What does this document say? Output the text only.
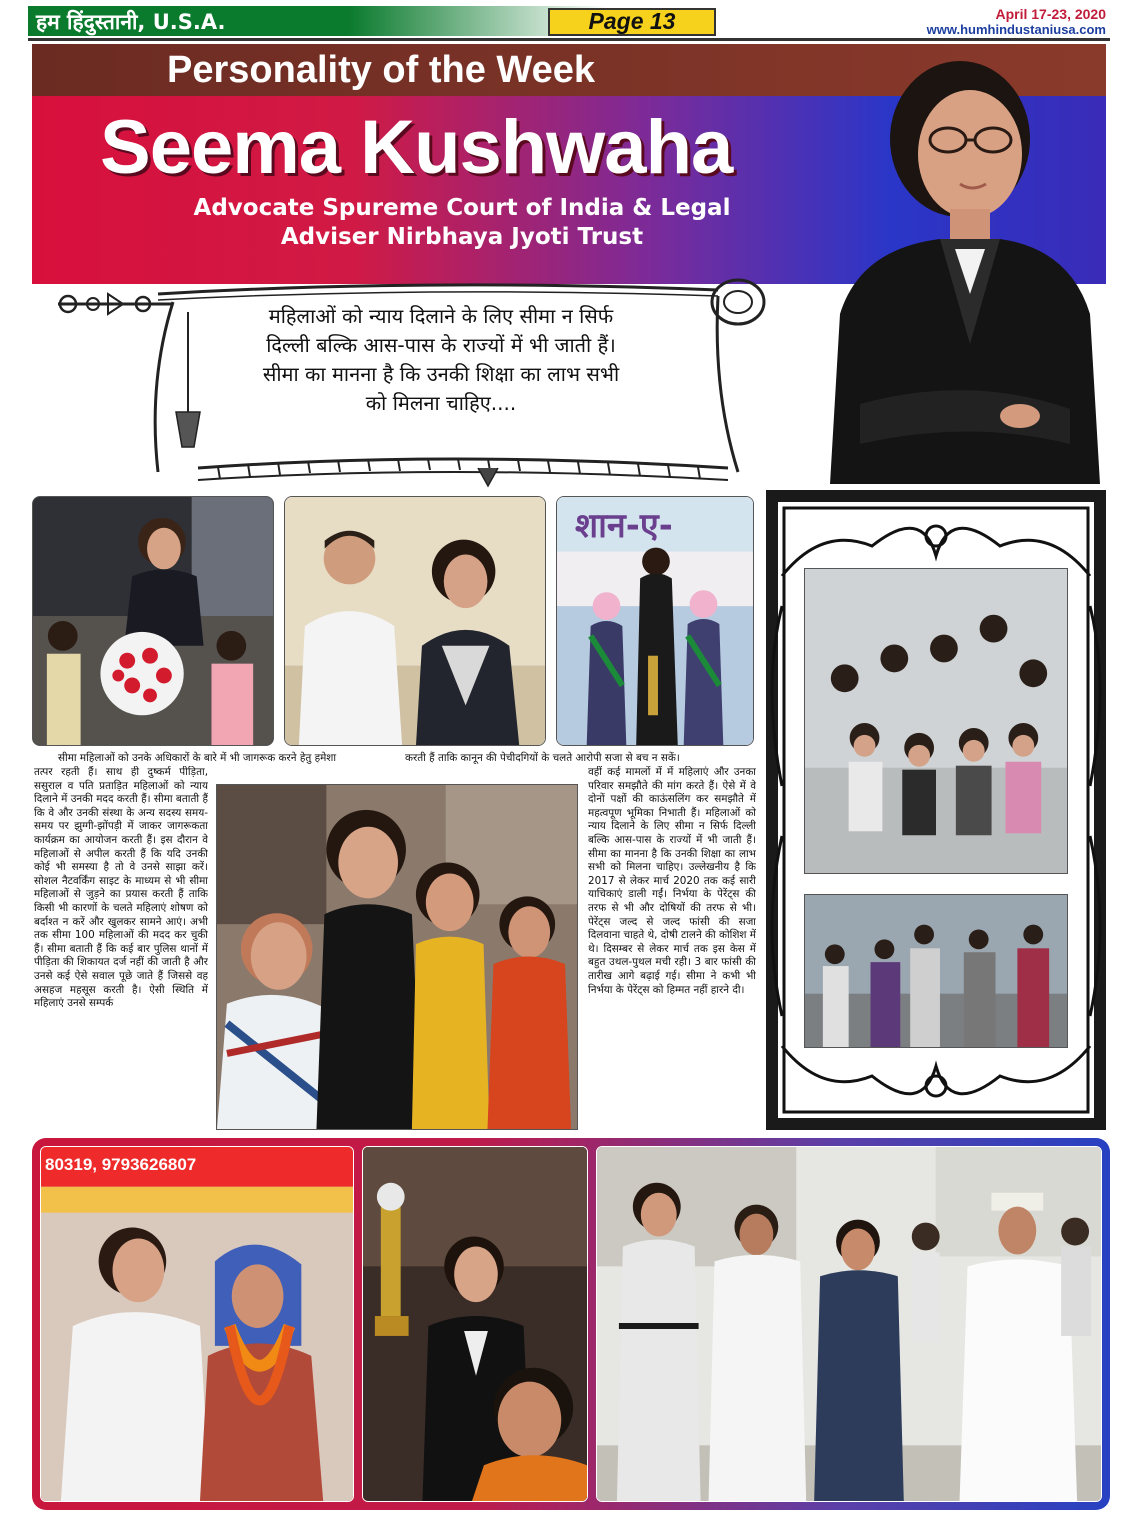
हम हिंदुस्तानी, U.S.A.	Page 13	April 17-23, 2020
www.humhindustaniusa.com
Personality of the Week
Seema Kushwaha
Advocate Spureme Court of India & Legal
Adviser Nirbhaya Jyoti Trust
महिलाओं को न्याय दिलाने के लिए सीमा न सिर्फ
दिल्ली बल्कि आस-पास के राज्यों में भी जाती हैं।
सीमा का मानना है कि उनकी शिक्षा का लाभ सभी
को मिलना चाहिए....
शान-ए-
सीमा महिलाओं को उनके अधिकारों के बारे में भी जागरूक करने हेतु हमेशा	करती हैं ताकि कानून की पेचीदगियों के चलते आरोपी सजा से बच न सकें।
तत्पर रहती हैं। साथ ही दुष्कर्म पीड़िता, ससुराल व पति प्रताड़ित महिलाओं को न्याय दिलाने में उनकी मदद करती हैं। सीमा बताती हैं कि वे और उनकी संस्था के अन्य सदस्य समय-समय पर झुग्गी-झोंपड़ी में जाकर जागरूकता कार्यक्रम का आयोजन करती हैं। इस दौरान वे महिलाओं से अपील करती हैं कि यदि उनकी कोई भी समस्या है तो वे उनसे साझा करें। सोशल नैटवर्किंग साइट के माध्यम से भी सीमा महिलाओं से जुड़ने का प्रयास करती हैं ताकि किसी भी कारणों के चलते महिलाएं शोषण को बर्दाश्त न करें और खुलकर सामने आएं। अभी तक सीमा 100 महिलाओं की मदद कर चुकी हैं। सीमा बताती हैं कि कई बार पुलिस थानों में पीड़िता की शिकायत दर्ज नहीं की जाती है और उनसे कई ऐसे सवाल पूछे जाते हैं जिससे वह असहज महसूस करती है। ऐसी स्थिति में महिलाएं उनसे सम्पर्क
वहीं कई मामलों में में महिलाएं और उनका परिवार समझौते की मांग करते हैं। ऐसे में वे दोनों पक्षों की काऊंसलिंग कर समझौते में महत्वपूण भूमिका निभाती हैं। महिलाओं को न्याय दिलाने के लिए सीमा न सिर्फ दिल्ली बल्कि आस-पास के राज्यों में भी जाती हैं। सीमा का मानना है कि उनकी शिक्षा का लाभ सभी को मिलना चाहिए। उल्लेखनीय है कि 2017 से लेकर मार्च 2020 तक कई सारी याचिकाएं डाली गईं। निर्भया के पेरेंट्स की तरफ से भी और दोषियों की तरफ से भी। पेरेंट्स जल्द से जल्द फांसी की सजा दिलवाना चाहते थे, दोषी टालने की कोशिश में थे। दिसम्बर से लेकर मार्च तक इस केस में बहुत उथल-पुथल मची रही। 3 बार फांसी की तारीख आगे बढ़ाई गई। सीमा ने कभी भी निर्भया के पेरेंट्स को हिम्मत नहीं हारने दी।
80319, 9793626807
